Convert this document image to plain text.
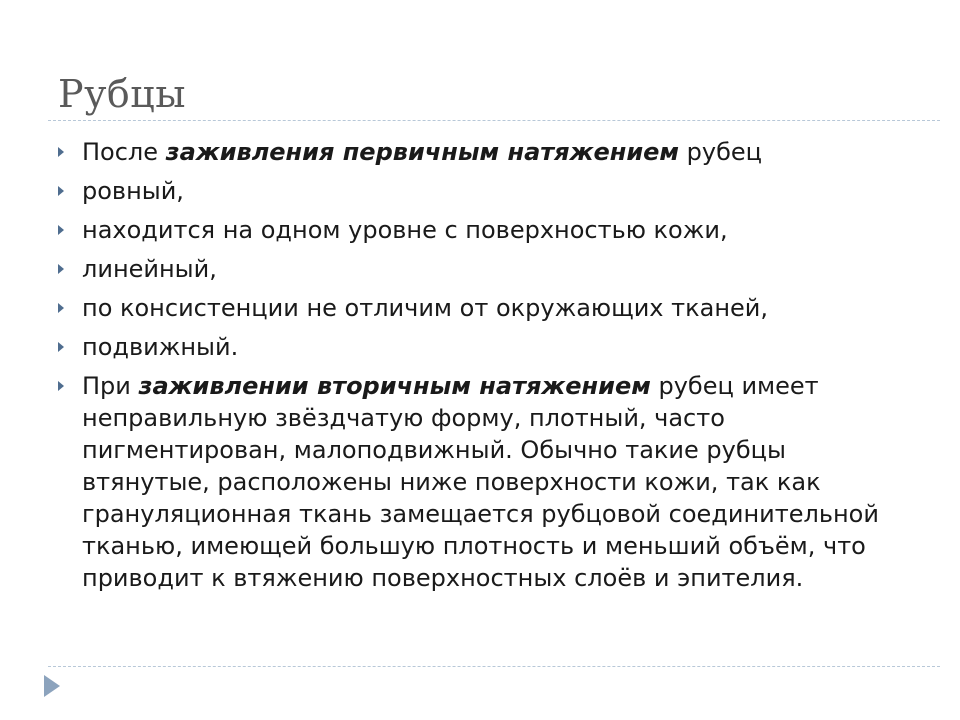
Рубцы
После заживления первичным натяжением рубец
ровный,
находится на одном уровне с поверхностью кожи,
линейный,
по консистенции не отличим от окружающих тканей,
подвижный.
При заживлении вторичным натяжением рубец имеет неправильную звёздчатую форму, плотный, часто пигментирован, малоподвижный. Обычно такие рубцы втянутые, расположены ниже поверхности кожи, так как грануляционная ткань замещается рубцовой соединительной тканью, имеющей большую плотность и меньший объём, что приводит к втяжению поверхностных слоёв и эпителия.
